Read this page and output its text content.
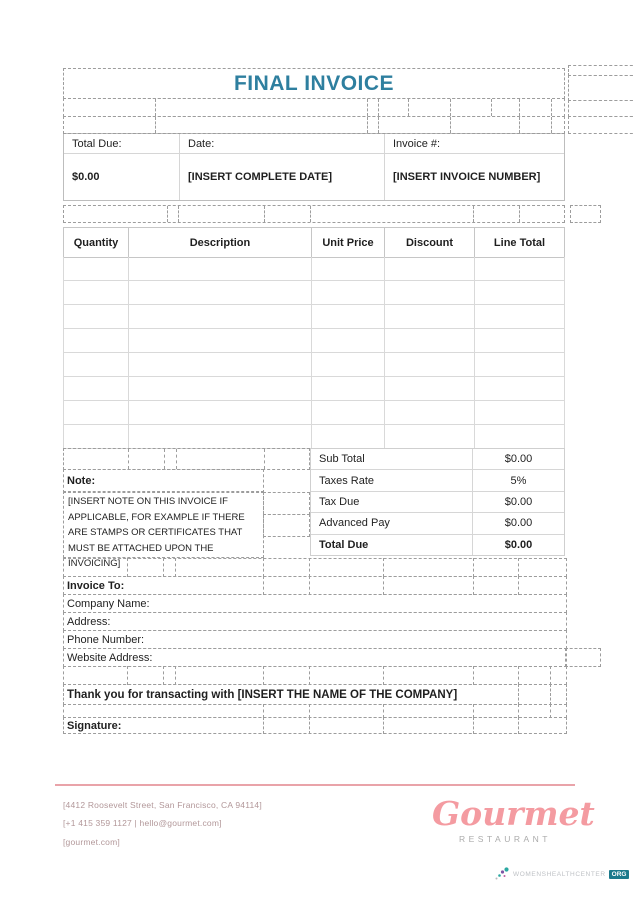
FINAL INVOICE
Total Due:
$0.00
Date:
[INSERT COMPLETE DATE]
Invoice #:
[INSERT INVOICE NUMBER]
Quantity	Description	Unit Price	Discount	Line Total
Sub Total	$0.00
Taxes Rate	5%
Tax Due	$0.00
Advanced Pay	$0.00
Total Due	$0.00
Note:
[INSERT NOTE ON THIS INVOICE IF APPLICABLE, FOR EXAMPLE IF THERE ARE STAMPS OR CERTIFICATES THAT MUST BE ATTACHED UPON THE INVOICING]
Invoice To:
Company Name:
Address:
Phone Number:
Website Address:
Thank you for transacting with [INSERT THE NAME OF THE COMPANY]
Signature:
[4412 Roosevelt Street, San Francisco, CA 94114]
[+1 415 359 1127 | hello@gourmet.com]
[gourmet.com]
Gourmet
RESTAURANT
WOMENSHEALTHCENTER ORG
